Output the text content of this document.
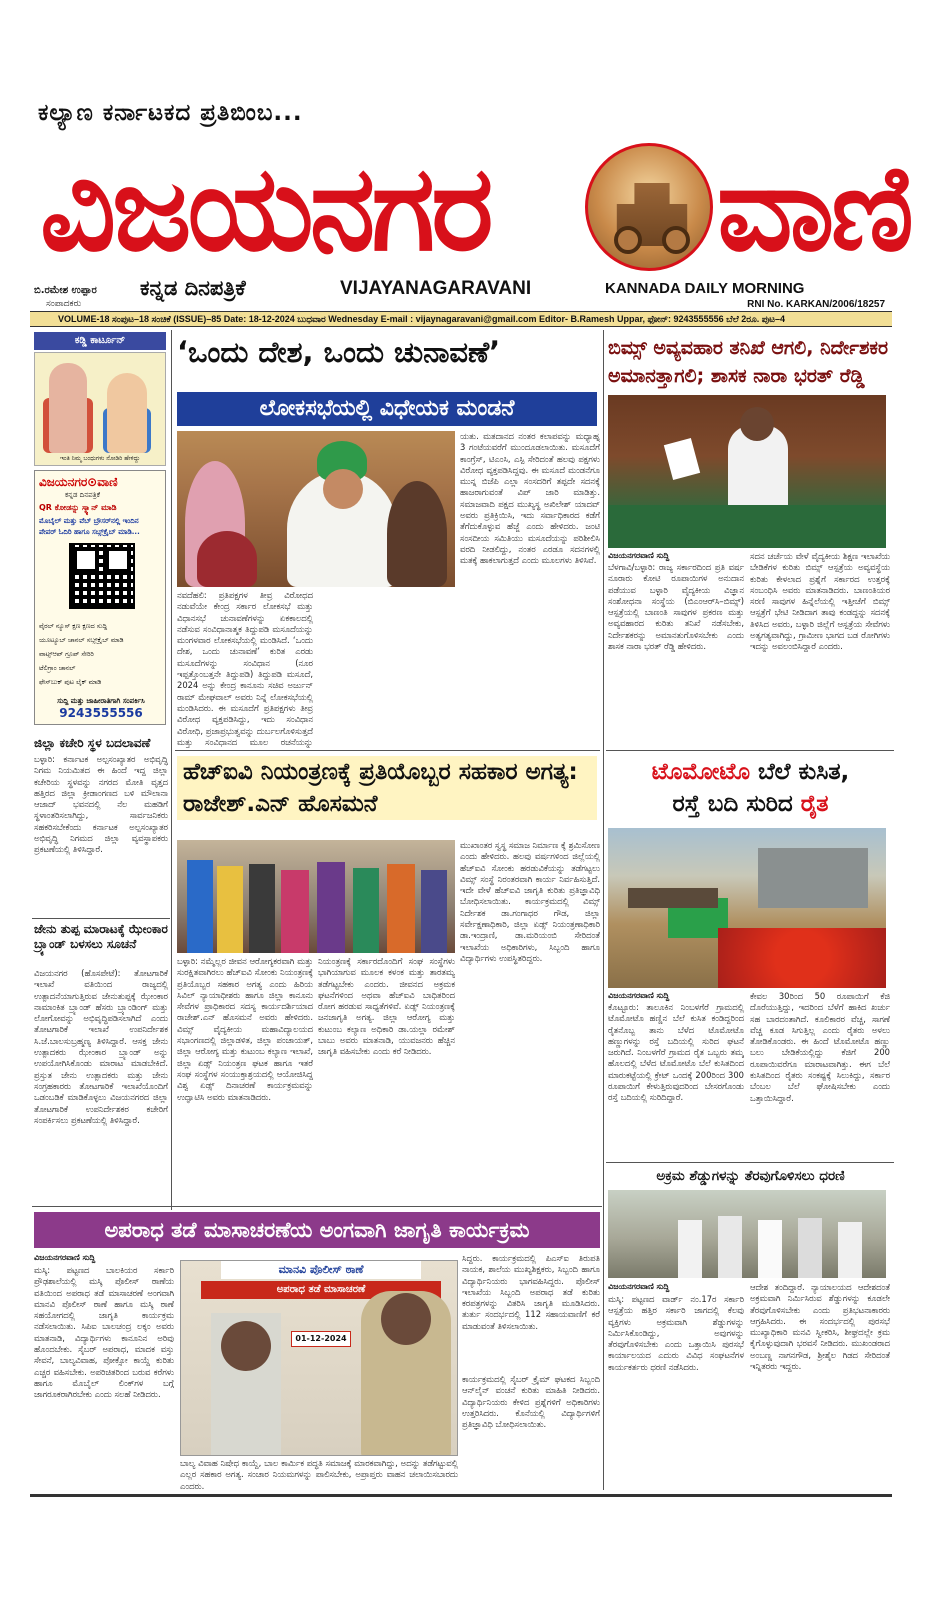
ಕಲ್ಯಾಣ ಕರ್ನಾಟಕದ ಪ್ರತಿಬಿಂಬ...
ವಿಜಯನಗರ ವಾಣಿ
ಬಿ.ರಮೇಶ ಉಪ್ಪಾರ
ಸಂಪಾದಕರು
ಕನ್ನಡ ದಿನಪತ್ರಿಕೆ	VIJAYANAGARAVANI	KANNADA DAILY MORNING
RNI No. KARKAN/2006/18257
VOLUME-18 ಸಂಪುಟ–18 ಸಂಚಿಕೆ (ISSUE)–85 Date: 18-12-2024 ಬುಧವಾರ Wednesday E-mail : vijaynagaravani@gmail.com Editor- B.Ramesh Uppar, ಫೋನ್: 9243555556 ಬೆಲೆ 2ರೂ. ಪುಟ–4
ಕಡ್ಡಿ ಕಾರ್ಟೂನ್
ಇಂತಿ ನಿಮ್ಮ ಬಂಧುಗಳು ನೋಡಿರಿ ಹೇಳಿದ್ದು
ವಿಜಯನಗರ⊙ವಾಣಿ
ಕನ್ನಡ ದಿನಪತ್ರಿಕೆ
QR ಕೋಡನ್ನು ಸ್ಕ್ಯಾನ್ ಮಾಡಿ
ಮೊಬೈಲ್ ಮತ್ತು ವೆಬ್ ಬ್ರೌಸರ್‌ನಲ್ಲಿ ಇಂದಿನ
ಪೇಪರ್ ಓದಿರಿ ಹಾಗೂ ಸಬ್ಸ್‌ಕ್ರೈಬ್ ಮಾಡಿ...
ವೈರಲ್ ನ್ಯೂಸ್ ಕ್ಷಣ ಕ್ಷಣದ ಸುದ್ದಿ
ಯೂಟ್ಯೂಬ್ ಚಾನಲ್ ಸಬ್ಸ್‌ಕ್ರೈಬ್ ಮಾಡಿ
ವಾಟ್ಸ್‌ಆಪ್ ಗ್ರೂಪ್ ಸೇರಿರಿ
ಟೆಲಿಗ್ರಾಂ ಚಾನಲ್
ಫೇಸ್‌ಬುಕ್ ಪುಟ ಲೈಕ್ ಮಾಡಿ
ಸುದ್ದಿ ಮತ್ತು ಜಾಹೀರಾತಿಗಾಗಿ ಸಂಪರ್ಕಿಸಿ
9243555556
ಜಿಲ್ಲಾ ಕಚೇರಿ ಸ್ಥಳ ಬದಲಾವಣೆ
ಬಳ್ಳಾರಿ: ಕರ್ನಾಟಕ ಅಲ್ಪಸಂಖ್ಯಾತರ ಅಭಿವೃದ್ಧಿ ನಿಗಮ ನಿಯಮಿತದ ಈ ಹಿಂದೆ ಇದ್ದ ಜಿಲ್ಲಾ ಕಚೇರಿಯ ಸ್ಥಳವನ್ನು ನಗರದ ಮೋತಿ ವೃತ್ತದ ಹತ್ತಿರದ ಜಿಲ್ಲಾ ಕ್ರೀಡಾಂಗಣದ ಬಳಿ ಮೌಲಾನಾ ಆಜಾದ್ ಭವನದಲ್ಲಿ ನೆಲ ಮಹಡಿಗೆ ಸ್ಥಳಾಂತರಿಸಲಾಗಿದ್ದು, ಸಾರ್ವಜನಿಕರು ಸಹಕರಿಸಬೇಕೆಂದು ಕರ್ನಾಟಕ ಅಲ್ಪಸಂಖ್ಯಾತರ ಅಭಿವೃದ್ಧಿ ನಿಗಮದ ಜಿಲ್ಲಾ ವ್ಯವಸ್ಥಾಪಕರು ಪ್ರಕಟಣೆಯಲ್ಲಿ ತಿಳಿಸಿದ್ದಾರೆ.
ಜೇನು ತುಪ್ಪ ಮಾರಾಟಕ್ಕೆ ಝೇಂಕಾರ ಬ್ರ್ಯಾಂಡ್ ಬಳಸಲು ಸೂಚನೆ
ವಿಜಯನಗರ (ಹೊಸಪೇಟೆ): ತೋಟಗಾರಿಕೆ ಇಲಾಖೆ ವತಿಯಿಂದ ರಾಜ್ಯದಲ್ಲಿ ಉತ್ಪಾದನೆಯಾಗುತ್ತಿರುವ ಜೇನುತುಪ್ಪಕ್ಕೆ ಝೇಂಕಾರ ನಾಮಾಂಕಿತ ಬ್ರ್ಯಾಂಡ್ ಹೆಸರು ಬ್ರ್ಯಾಂಡಿಂಗ್ ಮತ್ತು ಲೋಗೋವನ್ನು ಅಭಿವೃದ್ಧಿಪಡಿಸಲಾಗಿದೆ ಎಂದು ತೋಟಗಾರಿಕೆ ಇಲಾಖೆ ಉಪನಿರ್ದೇಶಕ ಸಿ.ಜೆ.ಬಾಲಸುಬ್ರಹ್ಮಣ್ಯ ತಿಳಿಸಿದ್ದಾರೆ. ಆಸಕ್ತ ಜೇನು ಉತ್ಪಾದಕರು ಝೇಂಕಾರ ಬ್ರ್ಯಾಂಡ್ ಅನ್ನು ಉಪಯೋಗಿಸಿಕೊಂಡು ಮಾರಾಟ ಮಾಡಬೇಕಿದೆ. ಪ್ರಸ್ತುತ ಜೇನು ಉತ್ಪಾದಕರು ಮತ್ತು ಜೇನು ಸಂಗ್ರಹಕಾರರು ತೋಟಗಾರಿಕೆ ಇಲಾಖೆಯೊಂದಿಗೆ ಒಡಂಬಡಿಕೆ ಮಾಡಿಕೊಳ್ಳಲು ವಿಜಯನಗರದ ಜಿಲ್ಲಾ ತೋಟಗಾರಿಕೆ ಉಪನಿರ್ದೇಶಕರ ಕಚೇರಿಗೆ ಸಂಪರ್ಕಿಸಲು ಪ್ರಕಟಣೆಯಲ್ಲಿ ತಿಳಿಸಿದ್ದಾರೆ.
‘ಒಂದು ದೇಶ, ಒಂದು ಚುನಾವಣೆ’
ಲೋಕಸಭೆಯಲ್ಲಿ ವಿಧೇಯಕ ಮಂಡನೆ
ನವದೆಹಲಿ: ಪ್ರತಿಪಕ್ಷಗಳ ತೀವ್ರ ವಿರೋಧದ ನಡುವೆಯೇ ಕೇಂದ್ರ ಸರ್ಕಾರ ಲೋಕಸಭೆ ಮತ್ತು ವಿಧಾನಸಭೆ ಚುನಾವಣೆಗಳನ್ನು ಏಕಕಾಲದಲ್ಲಿ ನಡೆಸುವ ಸಂವಿಧಾನಾತ್ಮಕ ತಿದ್ದುಪಡಿ ಮಸೂದೆಯನ್ನು ಮಂಗಳವಾರ ಲೋಕಸಭೆಯಲ್ಲಿ ಮಂಡಿಸಿದೆ. ‘ಒಂದು ದೇಶ, ಒಂದು ಚುನಾವಣೆ’ ಕುರಿತ ಎರಡು ಮಸೂದೆಗಳನ್ನು ಸಂವಿಧಾನ (ನೂರ ಇಪ್ಪತ್ತೊಂಬತ್ತನೇ ತಿದ್ದುಪಡಿ) ತಿದ್ದುಪಡಿ ಮಸೂದೆ, 2024 ಅನ್ನು ಕೇಂದ್ರ ಕಾನೂನು ಸಚಿವ ಅರ್ಜುನ್ ರಾಮ್ ಮೇಘವಾಲ್ ಅವರು ನಿನ್ನೆ ಲೋಕಸಭೆಯಲ್ಲಿ ಮಂಡಿಸಿದರು. ಈ ಮಸೂದೆಗೆ ಪ್ರತಿಪಕ್ಷಗಳು ತೀವ್ರ ವಿರೋಧ ವ್ಯಕ್ತಪಡಿಸಿದ್ದು, ಇದು ಸಂವಿಧಾನ ವಿರೋಧಿ, ಪ್ರಜಾಪ್ರಭುತ್ವವನ್ನು ದುರ್ಬಲಗೊಳಿಸುತ್ತದೆ ಮತ್ತು ಸಂವಿಧಾನದ ಮೂಲ ರಚನೆಯನ್ನು
ಯತು. ಮತದಾನದ ನಂತರ ಕಲಾಪವನ್ನು ಮಧ್ಯಾಹ್ನ 3 ಗಂಟೆಯವರೆಗೆ ಮುಂದೂಡಲಾಯಿತು. ಮಸೂದೆಗೆ ಕಾಂಗ್ರೆಸ್, ಟಿಎಂಸಿ, ಎಸ್ಪಿ ಸೇರಿದಂತೆ ಹಲವು ಪಕ್ಷಗಳು ವಿರೋಧ ವ್ಯಕ್ತಪಡಿಸಿದ್ದವು. ಈ ಮಸೂದೆ ಮಂಡನೆಗೂ ಮುನ್ನ ಬಿಜೆಪಿ ಎಲ್ಲಾ ಸಂಸದರಿಗೆ ತಪ್ಪದೇ ಸದನಕ್ಕೆ ಹಾಜರಾಗುವಂತೆ ವಿಪ್ ಜಾರಿ ಮಾಡಿತ್ತು. ಸಮಾಜವಾದಿ ಪಕ್ಷದ ಮುಖ್ಯಸ್ಥ ಅಖಿಲೇಶ್ ಯಾದವ್ ಅವರು ಪ್ರತಿಕ್ರಿಯಿಸಿ, ಇದು ಸರ್ವಾಧಿಕಾರದ ಕಡೆಗೆ ತೆಗೆದುಕೊಳ್ಳುವ ಹೆಜ್ಜೆ ಎಂದು ಹೇಳಿದರು. ಜಂಟಿ ಸಂಸದೀಯ ಸಮಿತಿಯು ಮಸೂದೆಯನ್ನು ಪರಿಶೀಲಿಸಿ ವರದಿ ನೀಡಲಿದ್ದು, ನಂತರ ಎರಡೂ ಸದನಗಳಲ್ಲಿ ಮತಕ್ಕೆ ಹಾಕಲಾಗುತ್ತದೆ ಎಂದು ಮೂಲಗಳು ತಿಳಿಸಿವೆ.
ಬಿಮ್ಸ್ ಅವ್ಯವಹಾರ ತನಿಖೆ ಆಗಲಿ, ನಿರ್ದೇಶಕರ ಅಮಾನತ್ತಾಗಲಿ; ಶಾಸಕ ನಾರಾ ಭರತ್ ರೆಡ್ಡಿ
ವಿಜಯನಗರವಾಣಿ ಸುದ್ದಿ
ಬೆಳಗಾವಿ/ಬಳ್ಳಾರಿ: ರಾಜ್ಯ ಸರ್ಕಾರದಿಂದ ಪ್ರತಿ ವರ್ಷ ನೂರಾರು ಕೋಟಿ ರೂಪಾಯಿಗಳ ಅನುದಾನ ಪಡೆಯುವ ಬಳ್ಳಾರಿ ವೈದ್ಯಕೀಯ ವಿಜ್ಞಾನ ಸಂಶೋಧನಾ ಸಂಸ್ಥೆಯ (ಬಿಎಂಆರ್‌ಸಿ–ಬಿಮ್ಸ್) ಆಸ್ಪತ್ರೆಯಲ್ಲಿ ಬಾಣಂತಿ ಸಾವುಗಳ ಪ್ರಕರಣ ಮತ್ತು ಅವ್ಯವಹಾರದ ಕುರಿತು ತನಿಖೆ ನಡೆಸಬೇಕು, ನಿರ್ದೇಶಕರನ್ನು ಅಮಾನತುಗೊಳಿಸಬೇಕು ಎಂದು ಶಾಸಕ ನಾರಾ ಭರತ್ ರೆಡ್ಡಿ ಹೇಳಿದರು.
ಸದನ ಚರ್ಚೆಯ ವೇಳೆ ವೈದ್ಯಕೀಯ ಶಿಕ್ಷಣ ಇಲಾಖೆಯ ಬೇಡಿಕೆಗಳ ಕುರಿತು ಬಿಮ್ಸ್ ಆಸ್ಪತ್ರೆಯ ಅವ್ಯವಸ್ಥೆಯ ಕುರಿತು ಕೇಳಲಾದ ಪ್ರಶ್ನೆಗೆ ಸರ್ಕಾರದ ಉತ್ತರಕ್ಕೆ ಸಂಬಂಧಿಸಿ ಅವರು ಮಾತನಾಡಿದರು. ಬಾಣಂತಿಯರ ಸರಣಿ ಸಾವುಗಳ ಹಿನ್ನೆಲೆಯಲ್ಲಿ ಇತ್ತೀಚೆಗೆ ಬಿಮ್ಸ್ ಆಸ್ಪತ್ರೆಗೆ ಭೇಟಿ ನೀಡಿದಾಗ ತಾವು ಕಂಡದ್ದನ್ನು ಸದನಕ್ಕೆ ತಿಳಿಸಿದ ಅವರು, ಬಳ್ಳಾರಿ ಜಿಲ್ಲೆಗೆ ಆಸ್ಪತ್ರೆಯ ಸೇವೆಗಳು ಅತ್ಯಗತ್ಯವಾಗಿದ್ದು, ಗ್ರಾಮೀಣ ಭಾಗದ ಬಡ ರೋಗಿಗಳು ಇದನ್ನು ಅವಲಂಬಿಸಿದ್ದಾರೆ ಎಂದರು.
ಹೆಚ್‌ಐವಿ ನಿಯಂತ್ರಣಕ್ಕೆ ಪ್ರತಿಯೊಬ್ಬರ ಸಹಕಾರ ಅಗತ್ಯ: ರಾಜೇಶ್.ಎನ್ ಹೊಸಮನೆ
ಬಳ್ಳಾರಿ: ನಮ್ಮೆಲ್ಲರ ಜೀವನ ಆರೋಗ್ಯಕರವಾಗಿ ಮತ್ತು ಸುರಕ್ಷಿತವಾಗಿರಲು ಹೆಚ್‌ಐವಿ ಸೋಂಕು ನಿಯಂತ್ರಣಕ್ಕೆ ಪ್ರತಿಯೊಬ್ಬರ ಸಹಕಾರ ಅಗತ್ಯ ಎಂದು ಹಿರಿಯ ಸಿವಿಲ್ ನ್ಯಾಯಾಧೀಶರು ಹಾಗೂ ಜಿಲ್ಲಾ ಕಾನೂನು ಸೇವೆಗಳ ಪ್ರಾಧಿಕಾರದ ಸದಸ್ಯ ಕಾರ್ಯದರ್ಶಿಯಾದ ರಾಜೇಶ್.ಎನ್ ಹೊಸಮನೆ ಅವರು ಹೇಳಿದರು. ವಿಮ್ಸ್ ವೈದ್ಯಕೀಯ ಮಹಾವಿದ್ಯಾಲಯದ ಸಭಾಂಗಣದಲ್ಲಿ ಜಿಲ್ಲಾಡಳಿತ, ಜಿಲ್ಲಾ ಪಂಚಾಯತ್, ಜಿಲ್ಲಾ ಆರೋಗ್ಯ ಮತ್ತು ಕುಟುಂಬ ಕಲ್ಯಾಣ ಇಲಾಖೆ, ಜಿಲ್ಲಾ ಏಡ್ಸ್ ನಿಯಂತ್ರಣ ಘಟಕ ಹಾಗೂ ಇತರೆ ಸಂಘ ಸಂಸ್ಥೆಗಳ ಸಂಯುಕ್ತಾಶ್ರಯದಲ್ಲಿ ಆಯೋಜಿಸಿದ್ದ ವಿಶ್ವ ಏಡ್ಸ್ ದಿನಾಚರಣೆ ಕಾರ್ಯಕ್ರಮವನ್ನು ಉದ್ಘಾಟಿಸಿ ಅವರು ಮಾತನಾಡಿದರು.
ನಿಯಂತ್ರಣಕ್ಕೆ ಸರ್ಕಾರದೊಂದಿಗೆ ಸಂಘ ಸಂಸ್ಥೆಗಳು ಭಾಗಿಯಾಗುವ ಮೂಲಕ ಕಳಂಕ ಮತ್ತು ತಾರತಮ್ಯ ತಡೆಗಟ್ಟಬೇಕು ಎಂದರು. ಜೀವನದ ಅಕ್ರಮಕ ಘಟನೆಗಳಿಂದ ಅಥವಾ ಹೆಚ್‌ಐವಿ ಬಾಧಿತರಿಂದ ರೋಗ ಹರಡುವ ಸಾಧ್ಯತೆಗಳಿವೆ. ಏಡ್ಸ್ ನಿಯಂತ್ರಣಕ್ಕೆ ಜನಜಾಗೃತಿ ಅಗತ್ಯ. ಜಿಲ್ಲಾ ಆರೋಗ್ಯ ಮತ್ತು ಕುಟುಂಬ ಕಲ್ಯಾಣ ಅಧಿಕಾರಿ ಡಾ.ಯಲ್ಲಾ ರಮೇಶ್ ಬಾಬು ಅವರು ಮಾತನಾಡಿ, ಯುವಜನರು ಹೆಚ್ಚಿನ ಜಾಗೃತಿ ವಹಿಸಬೇಕು ಎಂದು ಕರೆ ನೀಡಿದರು.
ಮುಖಾಂತರ ಸ್ವಸ್ಥ ಸಮಾಜ ನಿರ್ಮಾಣ ಕ್ಕೆ ಶ್ರಮಿಸೋಣ ಎಂದು ಹೇಳಿದರು. ಹಲವು ವರ್ಷಗಳಿಂದ ಜಿಲ್ಲೆಯಲ್ಲಿ ಹೆಚ್‌ಐವಿ ಸೋಂಕು ಹರಡುವಿಕೆಯನ್ನು ತಡೆಗಟ್ಟಲು ವಿಮ್ಸ್ ಸಂಸ್ಥೆ ನಿರಂತರವಾಗಿ ಕಾರ್ಯ ನಿರ್ವಹಿಸುತ್ತಿದೆ. ಇದೇ ವೇಳೆ ಹೆಚ್‌ಐವಿ ಜಾಗೃತಿ ಕುರಿತು ಪ್ರತಿಜ್ಞಾವಿಧಿ ಬೋಧಿಸಲಾಯಿತು. ಕಾರ್ಯಕ್ರಮದಲ್ಲಿ ವಿಮ್ಸ್ ನಿರ್ದೇಶಕ ಡಾ.ಗಂಗಾಧರ ಗೌಡ, ಜಿಲ್ಲಾ ಸರ್ವೇಕ್ಷಣಾಧಿಕಾರಿ, ಜಿಲ್ಲಾ ಏಡ್ಸ್ ನಿಯಂತ್ರಣಾಧಿಕಾರಿ ಡಾ.ಇಂದ್ರಾಣಿ, ಡಾ.ಮರಿಯಂಬಿ ಸೇರಿದಂತೆ ಇಲಾಖೆಯ ಅಧಿಕಾರಿಗಳು, ಸಿಬ್ಬಂದಿ ಹಾಗೂ ವಿದ್ಯಾರ್ಥಿಗಳು ಉಪಸ್ಥಿತರಿದ್ದರು.
ಟೊಮೋಟೊ ಬೆಲೆ ಕುಸಿತ,
ರಸ್ತೆ ಬದಿ ಸುರಿದ ರೈತ
ವಿಜಯನಗರವಾಣಿ ಸುದ್ದಿ
ಕೊಟ್ಟೂರು: ತಾಲೂಕಿನ ನಿಂಬಳಗೆರೆ ಗ್ರಾಮದಲ್ಲಿ ಟೊಮೋಟೊ ಹಣ್ಣಿನ ಬೆಲೆ ಕುಸಿತ ಕಂಡಿದ್ದರಿಂದ ರೈತನೊಬ್ಬ ತಾನು ಬೆಳೆದ ಟೊಮೋಟೊ ಹಣ್ಣುಗಳನ್ನು ರಸ್ತೆ ಬದಿಯಲ್ಲಿ ಸುರಿದ ಘಟನೆ ಜರುಗಿದೆ. ನಿಂಬಳಗೆರೆ ಗ್ರಾಮದ ರೈತ ಒಬ್ಬರು ತಮ್ಮ ಹೊಲದಲ್ಲಿ ಬೆಳೆದ ಟೊಮೋಟೊ ಬೆಲೆ ಕುಸಿತದಿಂದ ಮಾರುಕಟ್ಟೆಯಲ್ಲಿ ಕ್ರೇಟ್ ಒಂದಕ್ಕೆ 200ರಿಂದ 300 ರೂಪಾಯಿಗೆ ಕೇಳುತ್ತಿರುವುದರಿಂದ ಬೇಸರಗೊಂಡು ರಸ್ತೆ ಬದಿಯಲ್ಲಿ ಸುರಿದಿದ್ದಾರೆ.
ಕೇವಲ 30ರಿಂದ 50 ರೂಪಾಯಿಗೆ ಕೆಜಿ ದೊರೆಯುತ್ತಿದ್ದು, ಇದರಿಂದ ಬೆಳೆಗೆ ಹಾಕಿದ ಖರ್ಚು ಸಹ ಬಾರದಂತಾಗಿದೆ. ಕೂಲಿಕಾರರ ವೆಚ್ಚ, ಸಾಗಣೆ ವೆಚ್ಚ ಕೂಡ ಸಿಗುತ್ತಿಲ್ಲ ಎಂದು ರೈತರು ಅಳಲು ತೋಡಿಕೊಂಡರು. ಈ ಹಿಂದೆ ಟೊಮೋಟೊ ಹಣ್ಣು ಬಲು ಬೇಡಿಕೆಯಲ್ಲಿದ್ದು ಕೆಜಿಗೆ 200 ರೂಪಾಯಿವರೆಗೂ ಮಾರಾಟವಾಗಿತ್ತು. ಈಗ ಬೆಲೆ ಕುಸಿತದಿಂದ ರೈತರು ಸಂಕಷ್ಟಕ್ಕೆ ಸಿಲುಕಿದ್ದು, ಸರ್ಕಾರ ಬೆಂಬಲ ಬೆಲೆ ಘೋಷಿಸಬೇಕು ಎಂದು ಒತ್ತಾಯಿಸಿದ್ದಾರೆ.
ಅಕ್ರಮ ಶೆಡ್ಡುಗಳನ್ನು ತೆರವುಗೊಳಿಸಲು ಧರಣಿ
ವಿಜಯನಗರವಾಣಿ ಸುದ್ದಿ
ಮಸ್ಕಿ: ಪಟ್ಟಣದ ವಾರ್ಡ್ ನಂ.17ರ ಸರ್ಕಾರಿ ಆಸ್ಪತ್ರೆಯ ಹತ್ತಿರ ಸರ್ಕಾರಿ ಜಾಗದಲ್ಲಿ ಕೆಲವು ವ್ಯಕ್ತಿಗಳು ಅಕ್ರಮವಾಗಿ ಶೆಡ್ಡುಗಳನ್ನು ನಿರ್ಮಿಸಿಕೊಂಡಿದ್ದು, ಅವುಗಳನ್ನು ತೆರವುಗೊಳಿಸಬೇಕು ಎಂದು ಒತ್ತಾಯಿಸಿ ಪುರಸಭೆ ಕಾರ್ಯಾಲಯದ ಎದುರು ವಿವಿಧ ಸಂಘಟನೆಗಳ ಕಾರ್ಯಕರ್ತರು ಧರಣಿ ನಡೆಸಿದರು.
ಆದೇಶ ತಂದಿದ್ದಾರೆ. ನ್ಯಾಯಾಲಯದ ಆದೇಶದಂತೆ ಅಕ್ರಮವಾಗಿ ನಿರ್ಮಿಸಿರುವ ಶೆಡ್ಡುಗಳನ್ನು ಕೂಡಲೇ ತೆರವುಗೊಳಿಸಬೇಕು ಎಂದು ಪ್ರತಿಭಟನಾಕಾರರು ಆಗ್ರಹಿಸಿದರು. ಈ ಸಂದರ್ಭದಲ್ಲಿ ಪುರಸಭೆ ಮುಖ್ಯಾಧಿಕಾರಿ ಮನವಿ ಸ್ವೀಕರಿಸಿ, ಶೀಘ್ರದಲ್ಲೇ ಕ್ರಮ ಕೈಗೊಳ್ಳುವುದಾಗಿ ಭರವಸೆ ನೀಡಿದರು. ಮುಖಂಡರಾದ ಅಂಬಣ್ಣ ನಾಗನಗೌಡ, ಶ್ರೀಶೈಲ ಗಿಡದ ಸೇರಿದಂತೆ ಇನ್ನಿತರರು ಇದ್ದರು.
ಅಪರಾಧ ತಡೆ ಮಾಸಾಚರಣೆಯ ಅಂಗವಾಗಿ ಜಾಗೃತಿ ಕಾರ್ಯಕ್ರಮ
ವಿಜಯನಗರವಾಣಿ ಸುದ್ದಿ
ಮಸ್ಕಿ: ಪಟ್ಟಣದ ಬಾಲಕಿಯರ ಸರ್ಕಾರಿ ಪ್ರೌಢಶಾಲೆಯಲ್ಲಿ ಮಸ್ಕಿ ಪೊಲೀಸ್ ಠಾಣೆಯ ವತಿಯಿಂದ ಅಪರಾಧ ತಡೆ ಮಾಸಾಚರಣೆ ಅಂಗವಾಗಿ ಮಾನವಿ ಪೊಲೀಸ್ ಠಾಣೆ ಹಾಗೂ ಮಸ್ಕಿ ಠಾಣೆ ಸಹಯೋಗದಲ್ಲಿ ಜಾಗೃತಿ ಕಾರ್ಯಕ್ರಮ ನಡೆಸಲಾಯಿತು. ಸಿಪಿಐ ಬಾಲಚಂದ್ರ ಲಕ್ಕಂ ಅವರು ಮಾತನಾಡಿ, ವಿದ್ಯಾರ್ಥಿಗಳು ಕಾನೂನಿನ ಅರಿವು ಹೊಂದಬೇಕು. ಸೈಬರ್ ಅಪರಾಧ, ಮಾದಕ ವಸ್ತು ಸೇವನೆ, ಬಾಲ್ಯವಿವಾಹ, ಪೋಕ್ಸೋ ಕಾಯ್ದೆ ಕುರಿತು ಎಚ್ಚರ ವಹಿಸಬೇಕು. ಅಪರಿಚಿತರಿಂದ ಬರುವ ಕರೆಗಳು ಹಾಗೂ ಮೊಬೈಲ್ ಲಿಂಕ್‌ಗಳ ಬಗ್ಗೆ ಜಾಗರೂಕರಾಗಿರಬೇಕು ಎಂದು ಸಲಹೆ ನೀಡಿದರು.
ಮಾನವಿ ಪೊಲೀಸ್ ಠಾಣೆ
ಅಪರಾಧ ತಡೆ ಮಾಸಾಚರಣೆ
01-12-2024
ಬಾಲ್ಯ ವಿವಾಹ ನಿಷೇಧ ಕಾಯ್ದೆ, ಬಾಲ ಕಾರ್ಮಿಕ ಪದ್ಧತಿ ಸಮಾಜಕ್ಕೆ ಮಾರಕವಾಗಿದ್ದು, ಅದನ್ನು ತಡೆಗಟ್ಟುವಲ್ಲಿ ಎಲ್ಲರ ಸಹಕಾರ ಅಗತ್ಯ. ಸಂಚಾರ ನಿಯಮಗಳನ್ನು ಪಾಲಿಸಬೇಕು, ಅಪ್ರಾಪ್ತರು ವಾಹನ ಚಲಾಯಿಸಬಾರದು ಎಂದರು.
ಸಿದ್ದರು. ಕಾರ್ಯಕ್ರಮದಲ್ಲಿ ಪಿಎಸ್‌ಐ ತಿರುಪತಿ ನಾಯಕ, ಶಾಲೆಯ ಮುಖ್ಯಶಿಕ್ಷಕರು, ಸಿಬ್ಬಂದಿ ಹಾಗೂ ವಿದ್ಯಾರ್ಥಿನಿಯರು ಭಾಗವಹಿಸಿದ್ದರು. ಪೊಲೀಸ್ ಇಲಾಖೆಯ ಸಿಬ್ಬಂದಿ ಅಪರಾಧ ತಡೆ ಕುರಿತು ಕರಪತ್ರಗಳನ್ನು ವಿತರಿಸಿ ಜಾಗೃತಿ ಮೂಡಿಸಿದರು. ತುರ್ತು ಸಂದರ್ಭದಲ್ಲಿ 112 ಸಹಾಯವಾಣಿಗೆ ಕರೆ ಮಾಡುವಂತೆ ತಿಳಿಸಲಾಯಿತು.
ಕಾರ್ಯಕ್ರಮದಲ್ಲಿ ಸೈಬರ್ ಕ್ರೈಮ್ ಘಟಕದ ಸಿಬ್ಬಂದಿ ಆನ್‌ಲೈನ್ ವಂಚನೆ ಕುರಿತು ಮಾಹಿತಿ ನೀಡಿದರು. ವಿದ್ಯಾರ್ಥಿನಿಯರು ಕೇಳಿದ ಪ್ರಶ್ನೆಗಳಿಗೆ ಅಧಿಕಾರಿಗಳು ಉತ್ತರಿಸಿದರು. ಕೊನೆಯಲ್ಲಿ ವಿದ್ಯಾರ್ಥಿಗಳಿಗೆ ಪ್ರತಿಜ್ಞಾವಿಧಿ ಬೋಧಿಸಲಾಯಿತು.
